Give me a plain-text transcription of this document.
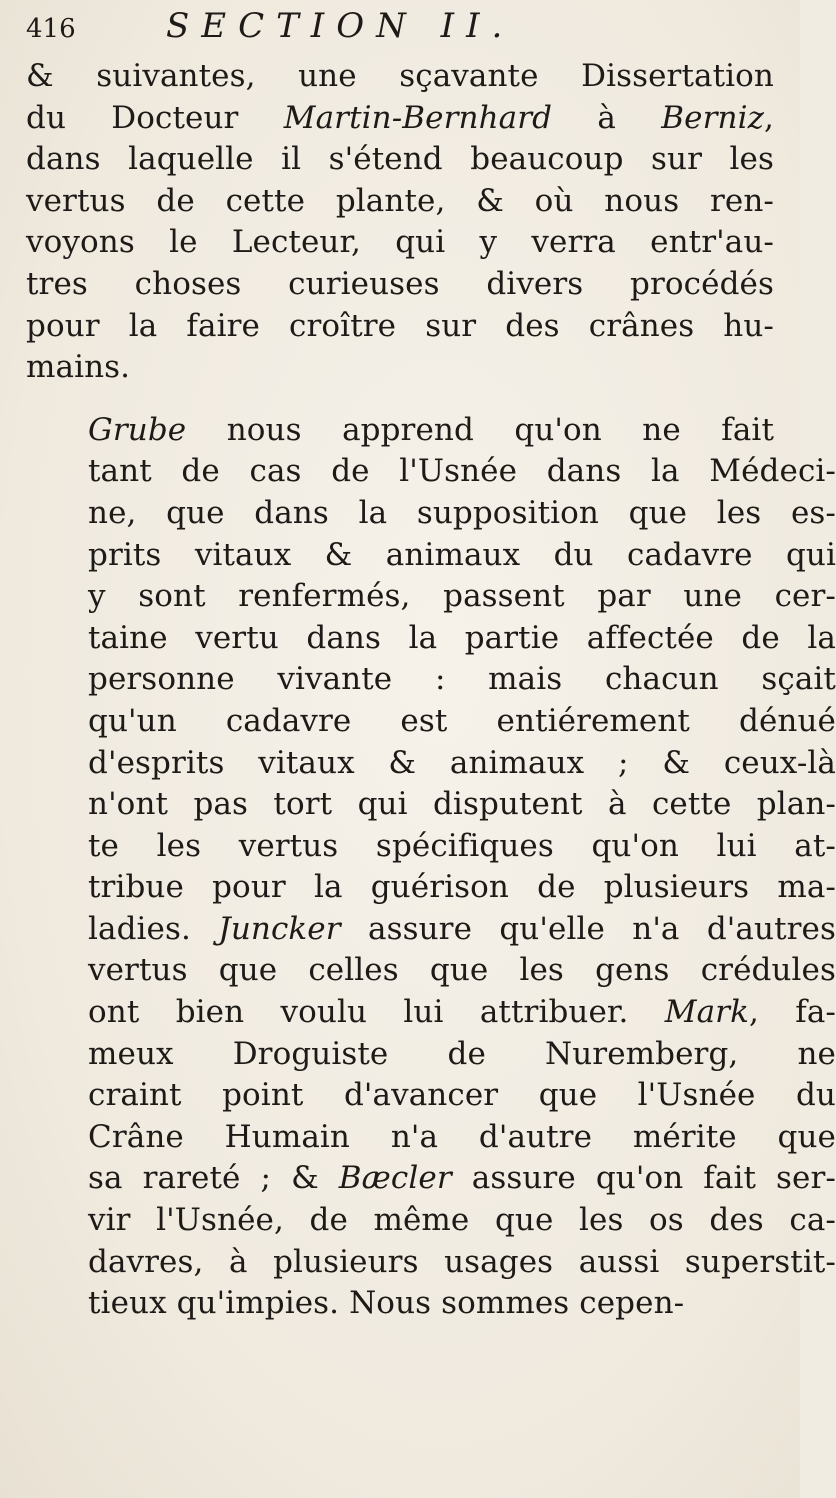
416	SECTION II.

& suivantes, une sçavante Dissertation
du Docteur Martin-Bernhard à Berniz,
dans laquelle il s'étend beaucoup sur les
vertus de cette plante, & où nous ren-
voyons le Lecteur, qui y verra entr'au-
tres choses curieuses divers procédés
pour la faire croître sur des crânes hu-
mains.

Grube nous apprend qu'on ne fait
tant de cas de l'Usnée dans la Médeci-
ne, que dans la supposition que les es-
prits vitaux & animaux du cadavre qui
y sont renfermés, passent par une cer-
taine vertu dans la partie affectée de la
personne vivante : mais chacun sçait
qu'un cadavre est entiérement dénué
d'esprits vitaux & animaux ; & ceux-là
n'ont pas tort qui disputent à cette plan-
te les vertus spécifiques qu'on lui at-
tribue pour la guérison de plusieurs ma-
ladies. Juncker assure qu'elle n'a d'autres
vertus que celles que les gens crédules
ont bien voulu lui attribuer. Mark, fa-
meux Droguiste de Nuremberg, ne
craint point d'avancer que l'Usnée du
Crâne Humain n'a d'autre mérite que
sa rareté ; & Bæcler assure qu'on fait ser-
vir l'Usnée, de même que les os des ca-
davres, à plusieurs usages aussi superstit-
tieux qu'impies. Nous sommes cepen-
